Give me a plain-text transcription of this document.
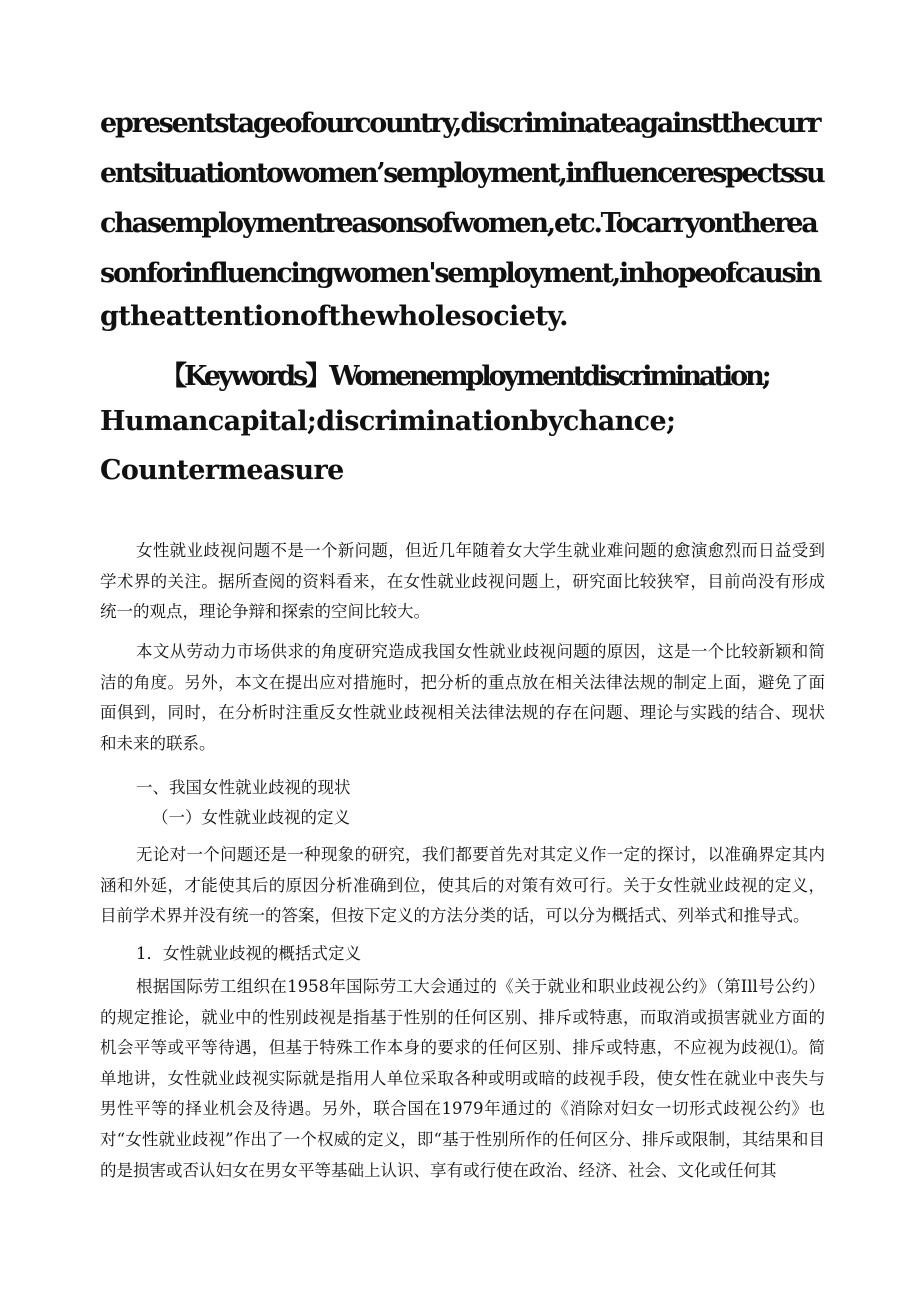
epresentstageofourcountry,discriminateagainstthecurr
entsituationtowomen’semployment,influencerespectssu
chasemploymentreasonsofwomen,etc.Tocarryonthereа
sonforinfluencingwomen'semployment,inhopeofcausin
gtheattentionofthewholesociety.
【Keywords】Womenemploymentdiscrimination;
Humancapital;discriminationbychance;
Countermeasure
女性就业歧视问题不是一个新问题，但近几年随着女大学生就业难问题的愈演愈烈而日益受到学术界的关注。据所查阅的资料看来，在女性就业歧视问题上，研究面比较狭窄，目前尚没有形成统一的观点，理论争辩和探索的空间比较大。
本文从劳动力市场供求的角度研究造成我国女性就业歧视问题的原因，这是一个比较新颖和简洁的角度。另外，本文在提出应对措施时，把分析的重点放在相关法律法规的制定上面，避免了面面俱到，同时，在分析时注重反女性就业歧视相关法律法规的存在问题、理论与实践的结合、现状和未来的联系。
一、我国女性就业歧视的现状
（一）女性就业歧视的定义
无论对一个问题还是一种现象的研究，我们都要首先对其定义作一定的探讨，以准确界定其内涵和外延，才能使其后的原因分析准确到位，使其后的对策有效可行。关于女性就业歧视的定义，目前学术界并没有统一的答案，但按下定义的方法分类的话，可以分为概括式、列举式和推导式。
1．女性就业歧视的概括式定义
根据国际劳工组织在1958年国际劳工大会通过的《关于就业和职业歧视公约》（第Ill号公约）的规定推论，就业中的性别歧视是指基于性别的任何区别、排斥或特惠，而取消或损害就业方面的机会平等或平等待遇，但基于特殊工作本身的要求的任何区别、排斥或特惠，不应视为歧视⑴。简单地讲，女性就业歧视实际就是指用人单位采取各种或明或暗的歧视手段，使女性在就业中丧失与男性平等的择业机会及待遇。另外，联合国在1979年通过的《消除对妇女一切形式歧视公约》也对“女性就业歧视”作出了一个权威的定义，即“基于性别所作的任何区分、排斥或限制，其结果和目的是损害或否认妇女在男女平等基础上认识、享有或行使在政治、经济、社会、文化或任何其
